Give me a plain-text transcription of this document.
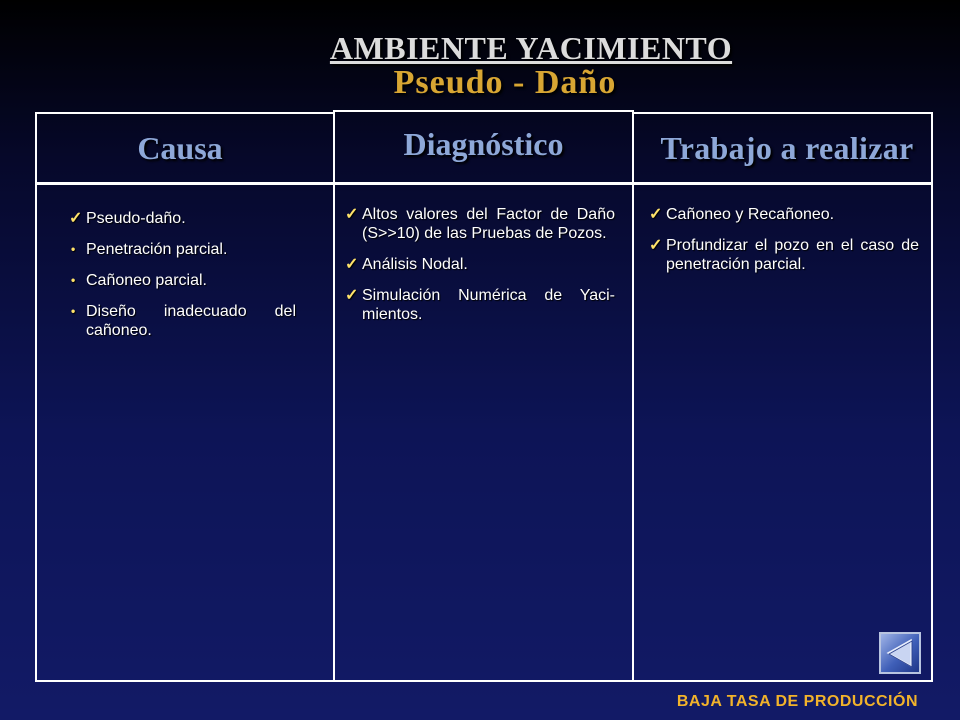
AMBIENTE YACIMIENTO
Pseudo - Daño
Causa	Diagnóstico	Trabajo a realizar
✓ Pseudo-daño.
• Penetración parcial.
• Cañoneo parcial.
• Diseño inadecuado del cañoneo.
✓ Altos valores del Factor de Daño (S>>10) de las Pruebas de Pozos.
✓ Análisis Nodal.
✓ Simulación Numérica de Yaci-mientos.
✓ Cañoneo y Recañoneo.
✓ Profundizar el pozo en el caso de penetración parcial.
BAJA TASA DE PRODUCCIÓN
